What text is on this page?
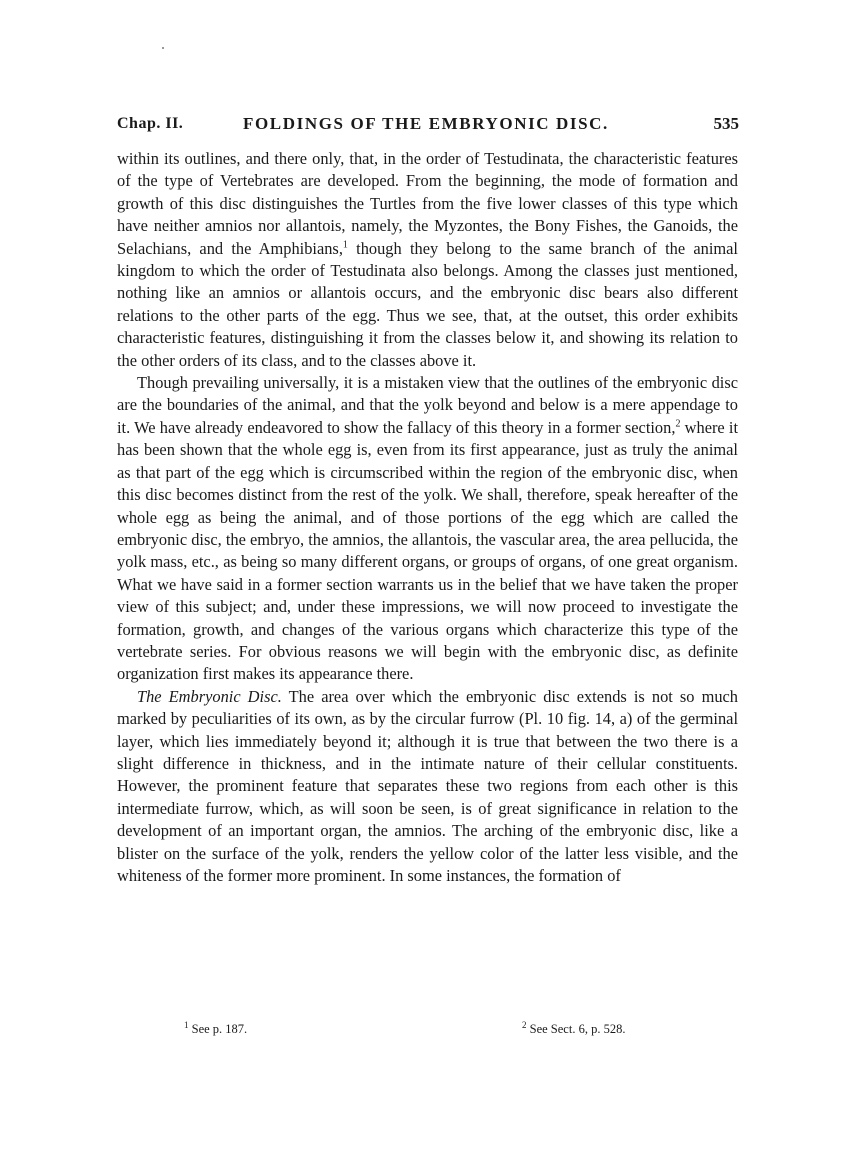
Chap. II.	FOLDINGS OF THE EMBRYONIC DISC.	535

within its outlines, and there only, that, in the order of Testudinata, the characteristic features of the type of Vertebrates are developed. From the beginning, the mode of formation and growth of this disc distinguishes the Turtles from the five lower classes of this type which have neither amnios nor allantois, namely, the Myzontes, the Bony Fishes, the Ganoids, the Selachians, and the Amphibians,$^1$ though they belong to the same branch of the animal kingdom to which the order of Testudinata also belongs. Among the classes just mentioned, nothing like an amnios or allantois occurs, and the embryonic disc bears also different relations to the other parts of the egg. Thus we see, that, at the outset, this order exhibits characteristic features, distinguishing it from the classes below it, and showing its relation to the other orders of its class, and to the classes above it.

Though prevailing universally, it is a mistaken view that the outlines of the embryonic disc are the boundaries of the animal, and that the yolk beyond and below is a mere appendage to it. We have already endeavored to show the fallacy of this theory in a former section,$^2$ where it has been shown that the whole egg is, even from its first appearance, just as truly the animal as that part of the egg which is circumscribed within the region of the embryonic disc, when this disc becomes distinct from the rest of the yolk. We shall, therefore, speak hereafter of the whole egg as being the animal, and of those portions of the egg which are called the embryonic disc, the embryo, the amnios, the allantois, the vascular area, the area pellucida, the yolk mass, etc., as being so many different organs, or groups of organs, of one great organism. What we have said in a former section warrants us in the belief that we have taken the proper view of this subject; and, under these impressions, we will now proceed to investigate the formation, growth, and changes of the various organs which characterize this type of the vertebrate series. For obvious reasons we will begin with the embryonic disc, as definite organization first makes its appearance there.

The Embryonic Disc. The area over which the embryonic disc extends is not so much marked by peculiarities of its own, as by the circular furrow (Pl. 10 fig. 14, a) of the germinal layer, which lies immediately beyond it; although it is true that between the two there is a slight difference in thickness, and in the intimate nature of their cellular constituents. However, the prominent feature that separates these two regions from each other is this intermediate furrow, which, as will soon be seen, is of great significance in relation to the development of an important organ, the amnios. The arching of the embryonic disc, like a blister on the surface of the yolk, renders the yellow color of the latter less visible, and the whiteness of the former more prominent. In some instances, the formation of

$^1$ See p. 187.	$^2$ See Sect. 6, p. 528.
